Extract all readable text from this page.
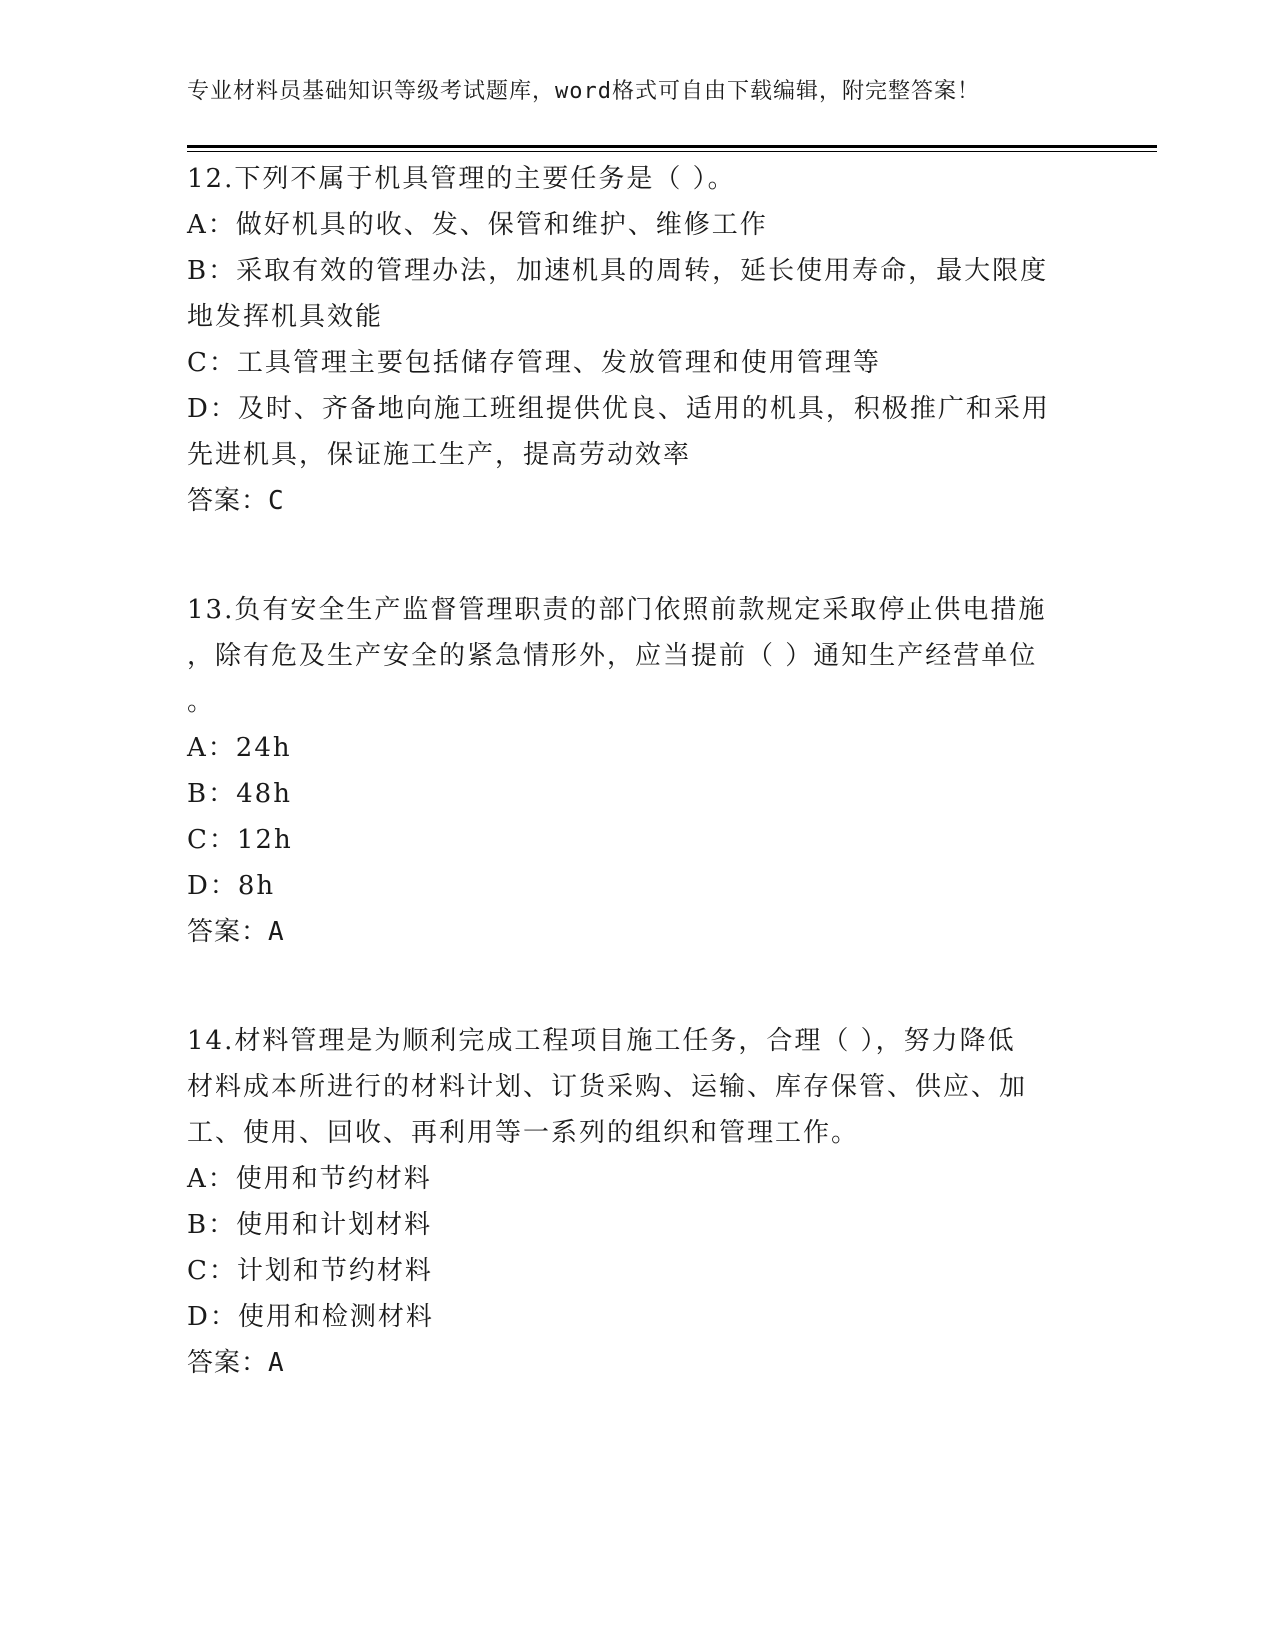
专业材料员基础知识等级考试题库，word格式可自由下载编辑，附完整答案！
12.下列不属于机具管理的主要任务是（ ）。
A：做好机具的收、发、保管和维护、维修工作
B：采取有效的管理办法，加速机具的周转，延长使用寿命，最大限度
地发挥机具效能
C：工具管理主要包括储存管理、发放管理和使用管理等
D：及时、齐备地向施工班组提供优良、适用的机具，积极推广和采用
先进机具，保证施工生产，提高劳动效率
答案：C
13.负有安全生产监督管理职责的部门依照前款规定采取停止供电措施
，除有危及生产安全的紧急情形外，应当提前（ ）通知生产经营单位
。
A：24h
B：48h
C：12h
D：8h
答案：A
14.材料管理是为顺利完成工程项目施工任务，合理（ ），努力降低
材料成本所进行的材料计划、订货采购、运输、库存保管、供应、加
工、使用、回收、再利用等一系列的组织和管理工作。
A：使用和节约材料
B：使用和计划材料
C：计划和节约材料
D：使用和检测材料
答案：A
